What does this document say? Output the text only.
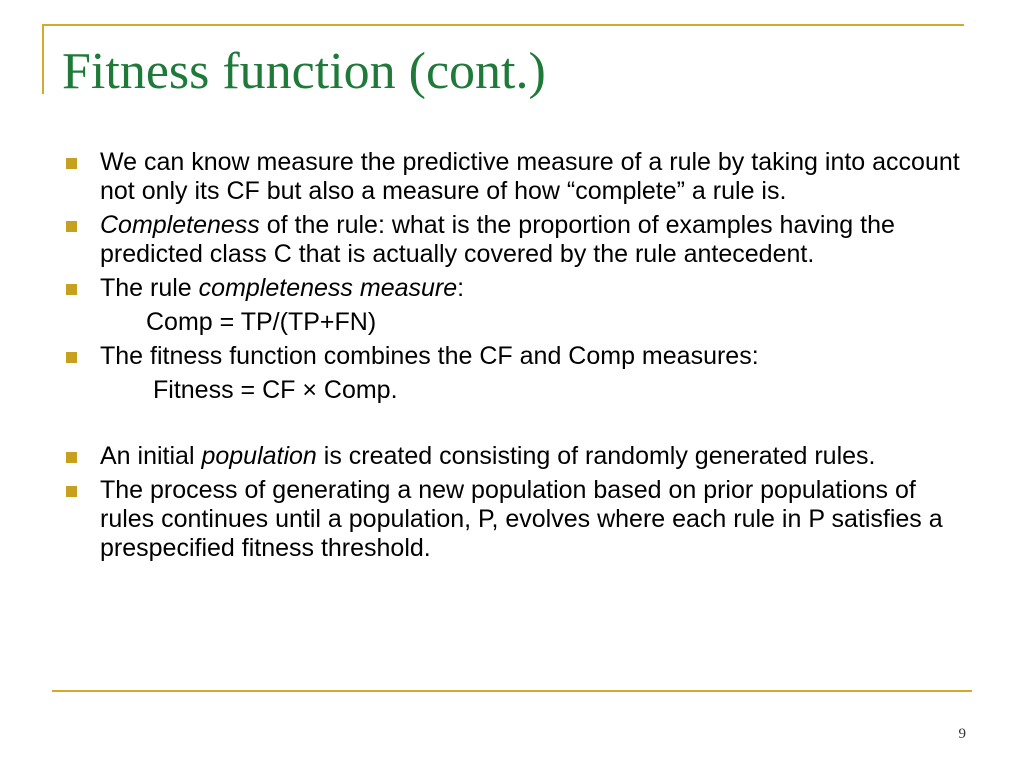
Fitness function (cont.)
We can know measure the predictive measure of a rule by taking into account not only its CF but also a measure of how “complete” a rule is.
Completeness of the rule: what is the proportion of examples having the predicted class C that is actually covered by the rule antecedent.
The rule completeness measure:
Comp = TP/(TP+FN)
The fitness function combines the CF and Comp measures:
Fitness = CF × Comp.
An initial population is created consisting of randomly generated rules.
The process of generating a new population based on prior populations of rules continues until a population, P, evolves where each rule in P satisfies a prespecified fitness threshold.
9
